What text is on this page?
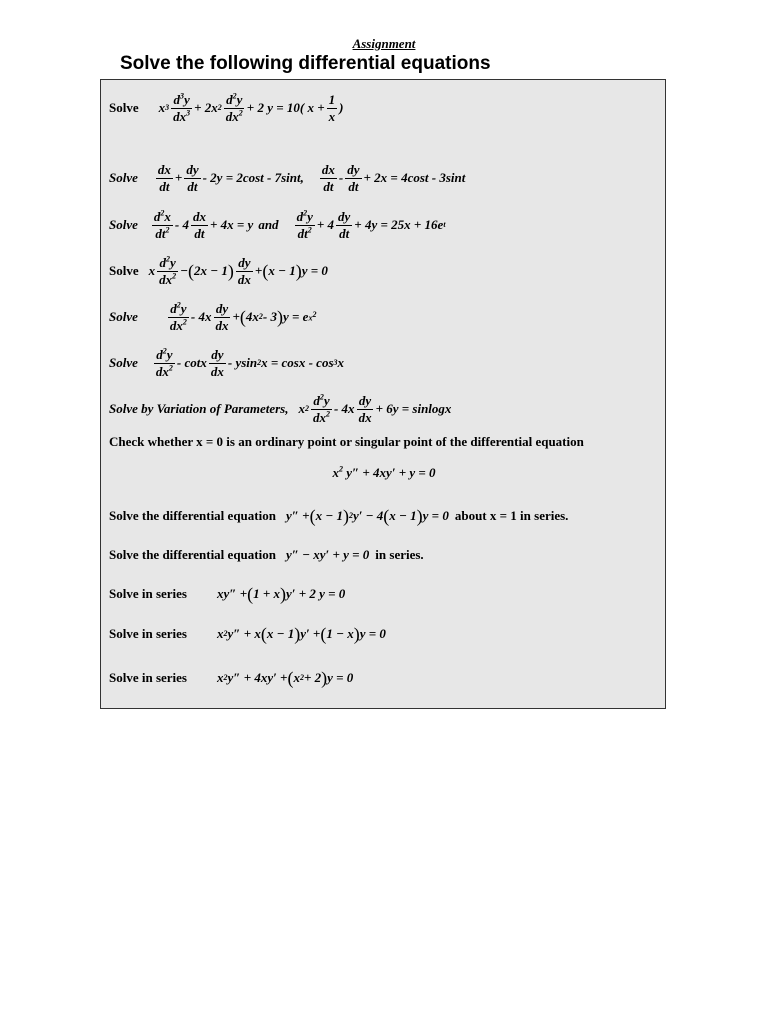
Assignment
Solve the following differential equations
Solve x $3 \frac{d^3y}{dx^3} + 2x$ $2 \frac{d^2y}{dx^2} + 2$ y = 10( $x + \frac{1}{x}$ )
Solve $\frac{dx}{dt} + \frac{dy}{dt} - 2y = 2\cos t - 7\sin t$, $\frac{dx}{dt} - \frac{dy}{dt} + 2x = 4\cos t - 3\sin t$
Solve $\frac{d^2x}{dt^2} - 4 \frac{dx}{dt} + 4x = y$ and $\frac{d^2y}{dt^2} + 4 \frac{dy}{dt} + 4y = 25x + 16e$ t
Solve x $\frac{d^2y}{dx^2}$ − ( 2x − 1 ) $\frac{dy}{dx}$ + ( x − 1 ) y = 0
Solve $\frac{d^2y}{dx^2} - 4x \frac{dy}{dx}$ + ( 4x 2 - 3 ) y = e $x^2$
Solve $\frac{d^2y}{dx^2}$ - cotx $\frac{dy}{dx}$ - ysin 2 x = cosx - cos 3 x
Solve by Variation of Parameters, x $2 \frac{d^2y}{dx^2} - 4x \frac{dy}{dx} + 6y = sinlogx$
Check whether x = 0 is an ordinary point or singular point of the differential equation
$x^2$ y″ + 4xy′ + y = 0
Solve the differential equation y″ + ( x − 1 ) 2 y′ − 4 ( x − 1 ) y = 0 about x = 1 in series.
Solve the differential equation y″ − xy′ + y = 0 in series.
Solve in series xy″ + ( 1 + x ) y′ + 2 y = 0
Solve in series x 2 y″ + x ( x − 1 ) y′ + ( 1 − x ) y = 0
Solve in series x 2 y″ + 4xy′ + ( x 2 + 2 ) y = 0
